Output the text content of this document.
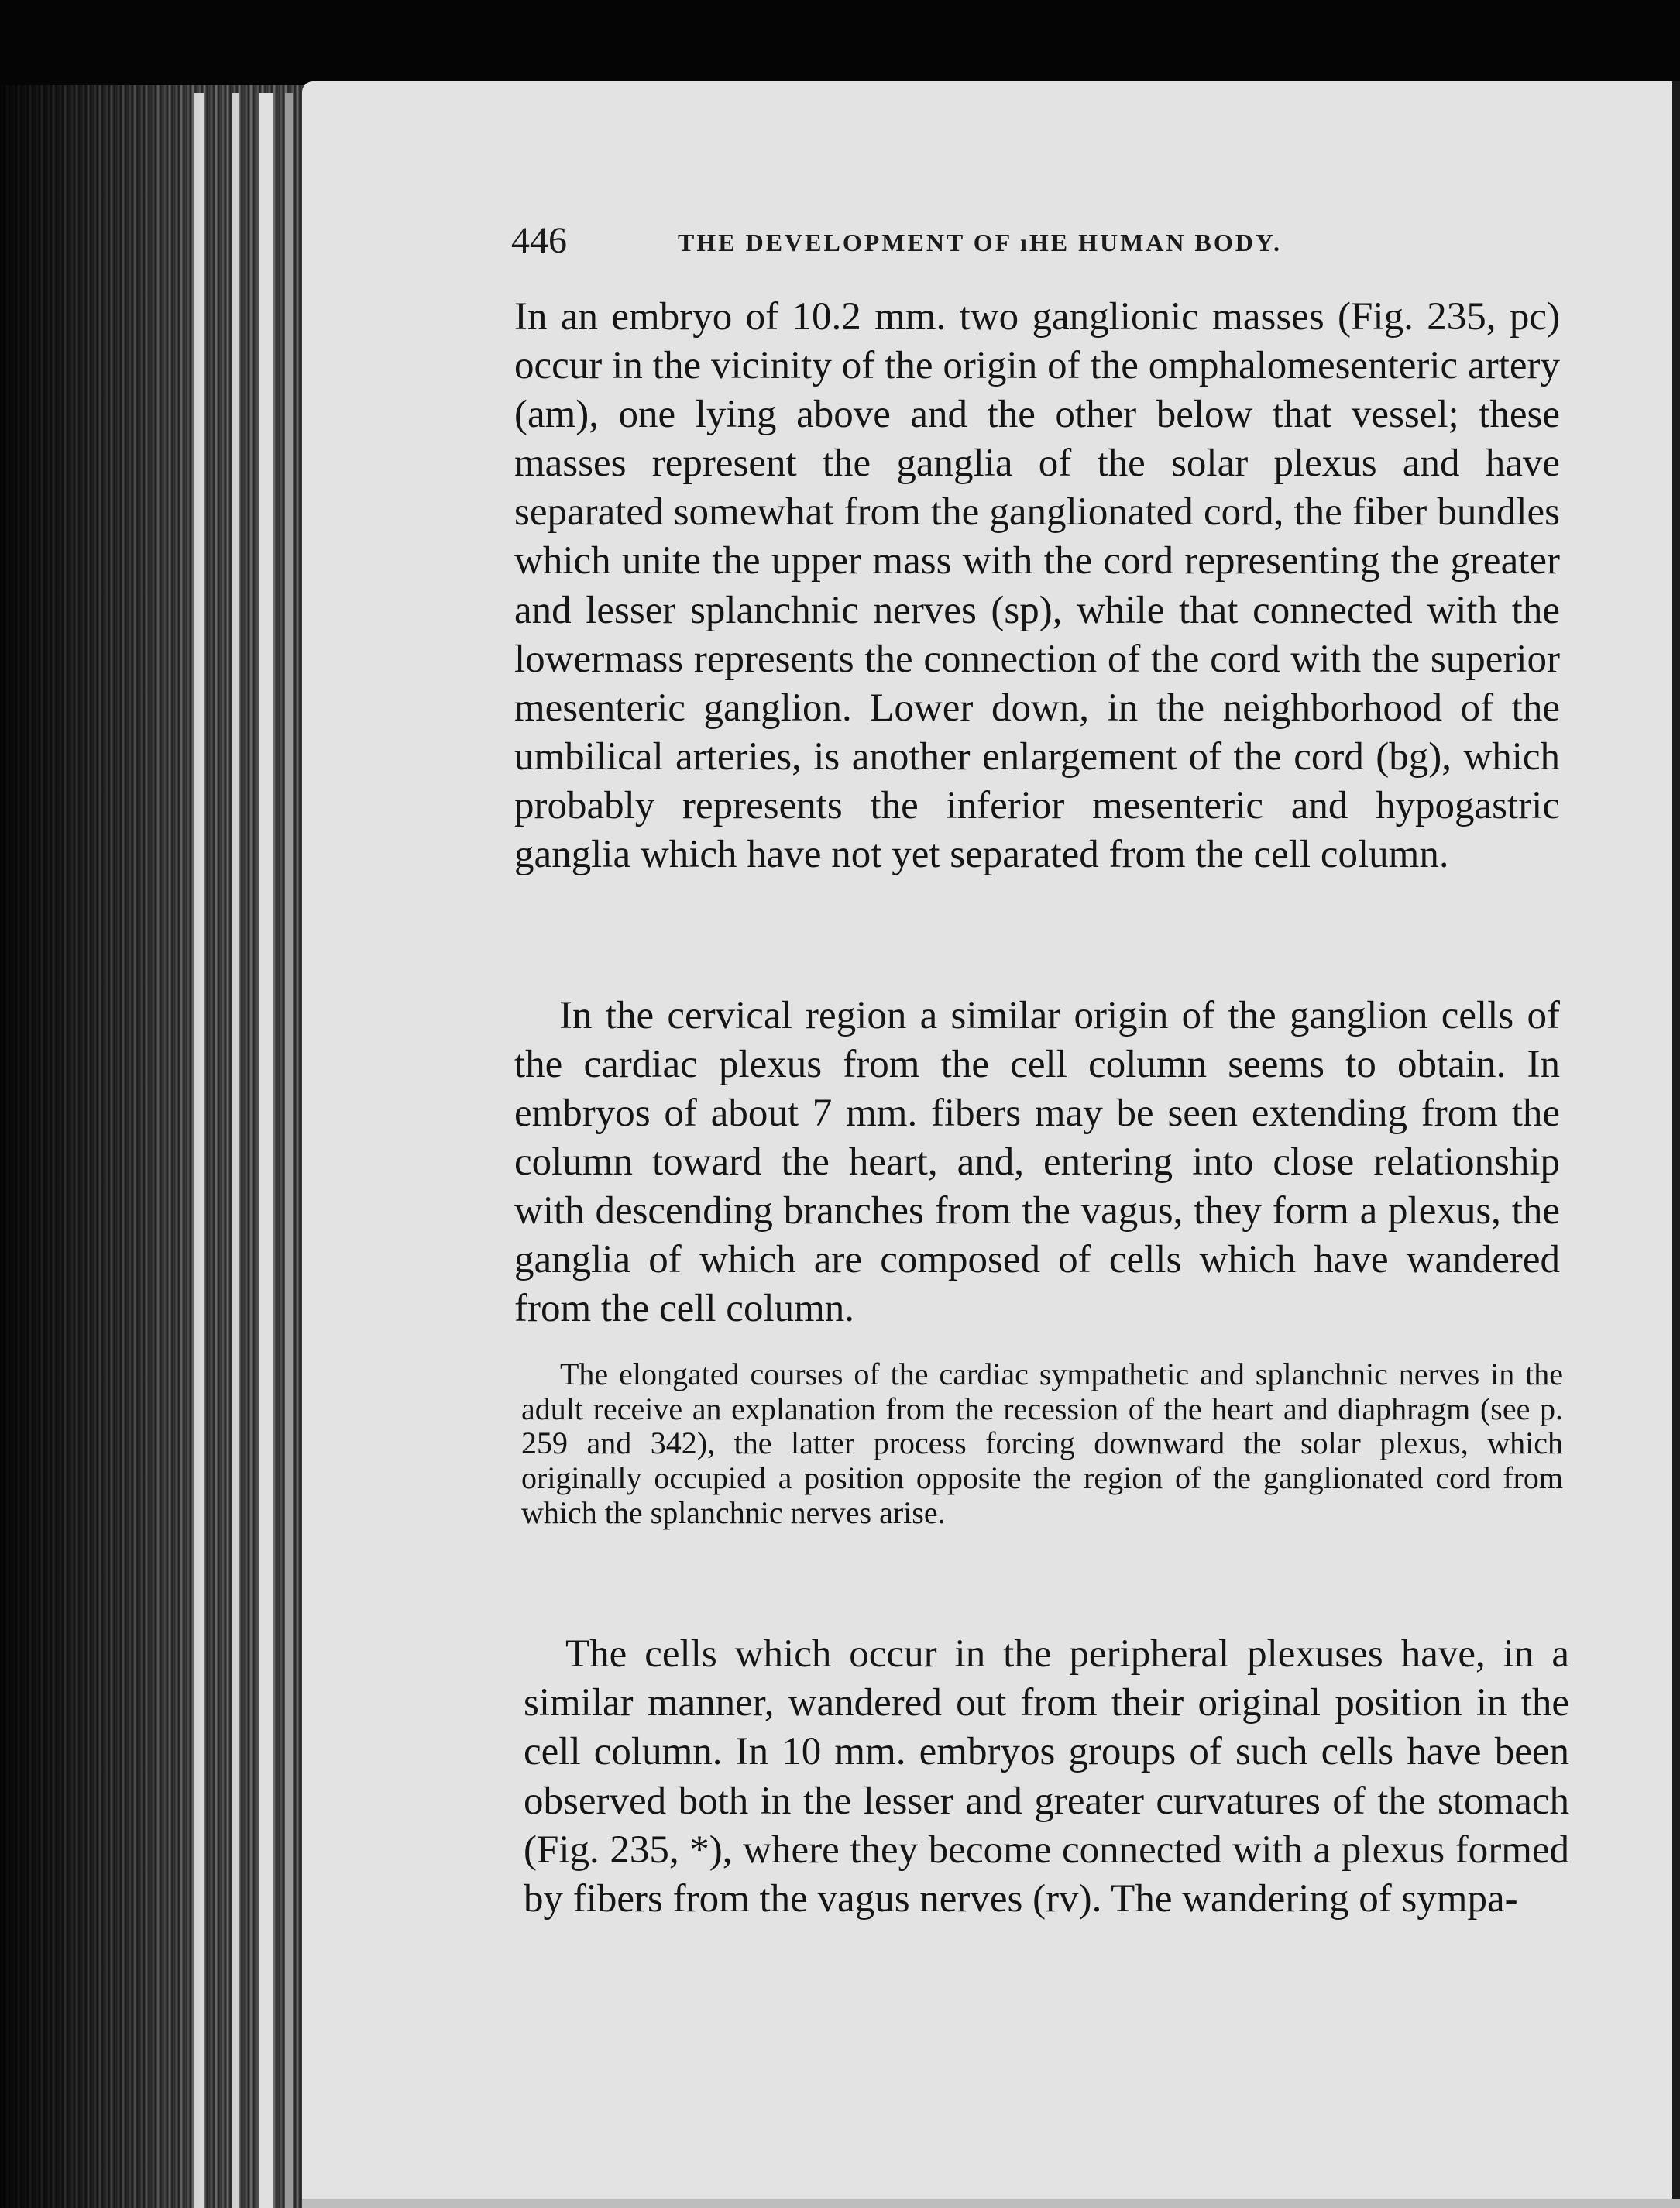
446	THE DEVELOPMENT OF ıHE HUMAN BODY.

In an embryo of 10.2 mm. two ganglionic masses (Fig. 235, pc) occur in the vicinity of the origin of the omphalomesenteric artery (am), one lying above and the other below that vessel; these masses represent the ganglia of the solar plexus and have separated somewhat from the ganglionated cord, the fiber bundles which unite the upper mass with the cord representing the greater and lesser splanchnic nerves (sp), while that connected with the lowermass represents the connection of the cord with the superior mesenteric ganglion. Lower down, in the neighborhood of the umbilical arteries, is another enlargement of the cord (bg), which probably represents the inferior mesenteric and hypogastric ganglia which have not yet separated from the cell column.

In the cervical region a similar origin of the ganglion cells of the cardiac plexus from the cell column seems to obtain. In embryos of about 7 mm. fibers may be seen extending from the column toward the heart, and, entering into close relationship with descending branches from the vagus, they form a plexus, the ganglia of which are composed of cells which have wandered from the cell column.

The elongated courses of the cardiac sympathetic and splanchnic nerves in the adult receive an explanation from the recession of the heart and diaphragm (see p. 259 and 342), the latter process forcing downward the solar plexus, which originally occupied a position opposite the region of the ganglionated cord from which the splanchnic nerves arise.

The cells which occur in the peripheral plexuses have, in a similar manner, wandered out from their original position in the cell column. In 10 mm. embryos groups of such cells have been observed both in the lesser and greater curvatures of the stomach (Fig. 235, *), where they become connected with a plexus formed by fibers from the vagus nerves (rv). The wandering of sympa-
